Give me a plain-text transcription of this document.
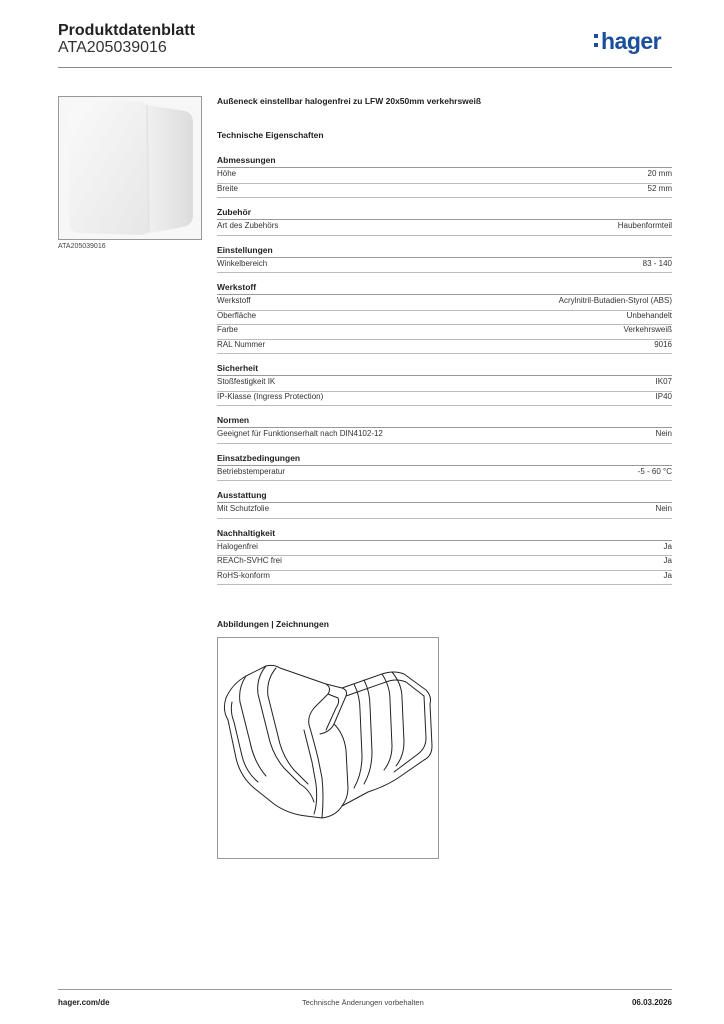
Produktdatenblatt
ATA205039016	hager
ATA205039016
Außeneck einstellbar halogenfrei zu LFW 20x50mm verkehrsweiß
Technische Eigenschaften
Abmessungen
Höhe	20 mm
Breite	52 mm
Zubehör
Art des Zubehörs	Haubenformteil
Einstellungen
Winkelbereich	83 - 140
Werkstoff
Werkstoff	Acrylnitril-Butadien-Styrol (ABS)
Oberfläche	Unbehandelt
Farbe	Verkehrsweiß
RAL Nummer	9016
Sicherheit
Stoßfestigkeit IK	IK07
IP-Klasse (Ingress Protection)	IP40
Normen
Geeignet für Funktionserhalt nach DIN4102-12	Nein
Einsatzbedingungen
Betriebstemperatur	-5 - 60 °C
Ausstattung
Mit Schutzfolie	Nein
Nachhaltigkeit
Halogenfrei	Ja
REACh-SVHC frei	Ja
RoHS-konform	Ja
Abbildungen | Zeichnungen
hager.com/de	Technische Änderungen vorbehalten	06.03.2026
